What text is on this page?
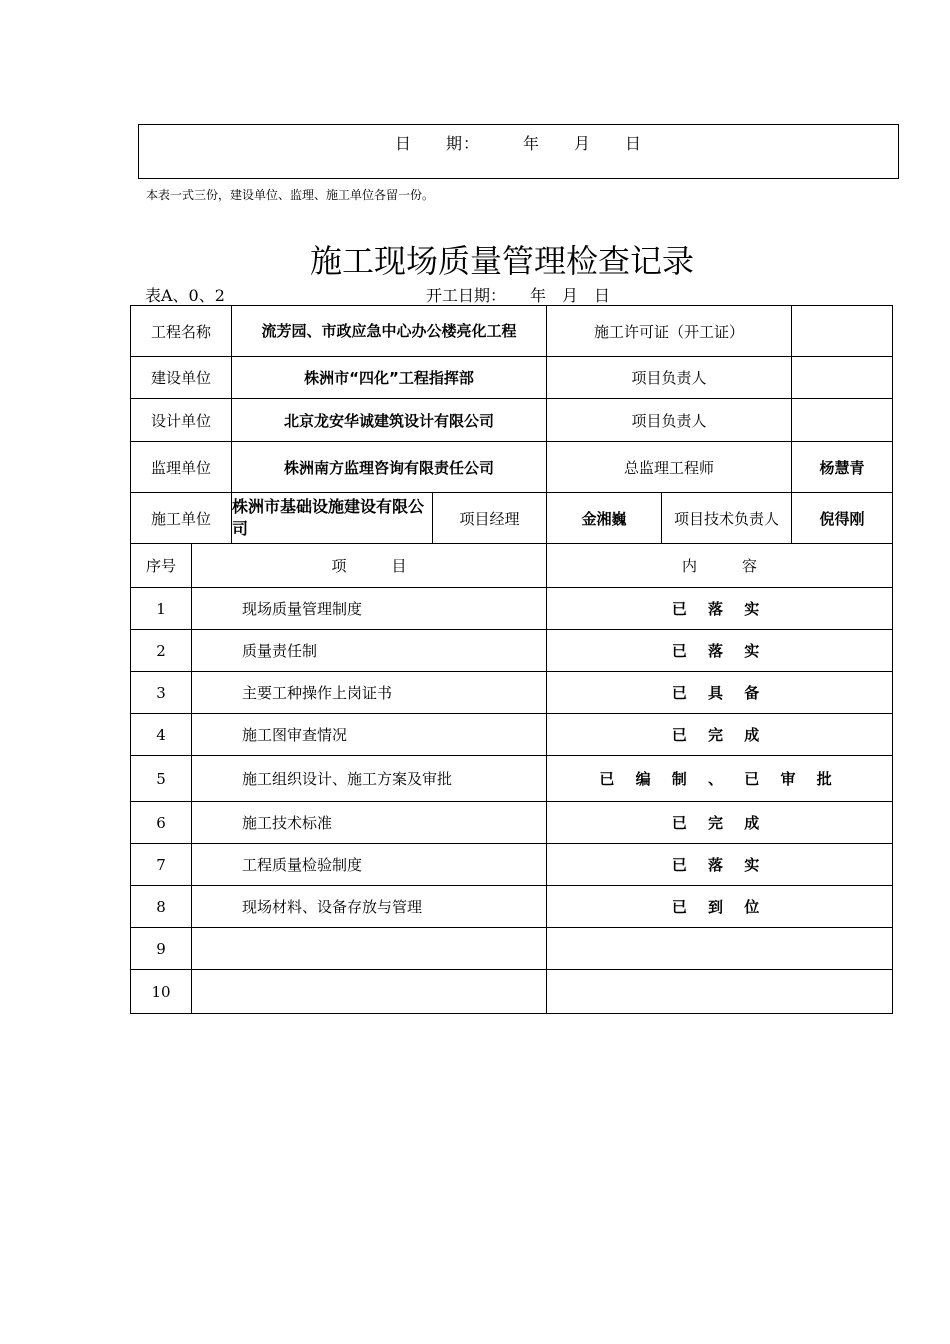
日　　期：　　　年　　月　　日
本表一式三份，建设单位、监理、施工单位各留一份。
施工现场质量管理检查记录
表A、0、2	开工日期：　　年　月　日
工程名称		流芳园、市政应急中心办公楼亮化工程		施工许可证（开工证）		
建设单位		株洲市“四化”工程指挥部		项目负责人		
设计单位		北京龙安华诚建筑设计有限公司		项目负责人		
监理单位		株洲南方监理咨询有限责任公司		总监理工程师		杨慧青
施工单位		株洲市基础设施建设有限公司	项目经理	金湘巍	项目技术负责人	倪得刚
序号	项　　　目			内　　　容		
1	现场质量管理制度			已 落 实		
2	质量责任制			已 落 实		
3	主要工种操作上岗证书			已 具 备		
4	施工图审查情况			已 完 成		
5	施工组织设计、施工方案及审批			已 编 制 、 已 审 批		
6	施工技术标准			已 完 成		
7	工程质量检验制度			已 落 实		
8	现场材料、设备存放与管理			已 到 位		
9						
10						
